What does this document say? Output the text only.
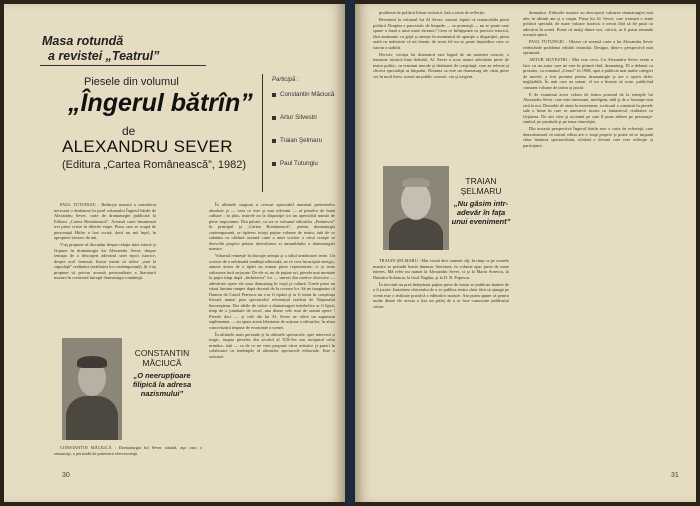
Masa rotundă
a revistei „Teatrul”
Piesele din volumul
„Îngerul bătrîn”
de
ALEXANDRU SEVER
(Editura „Cartea Românească”, 1982)
Participă :
Constantin Măciucă
Artur Silvestri
Traian Şelmaru
Paul Tutungiu

PAUL TUTUNGIU : Redacţia noastră a considerat necesară o dezbatere în jurul volumului Îngerul bătrîn de Alexandru Sever, carte de dramaturgie publicată la Editura „Cartea Românească”. Această carte însumează trei piese scrise în diferite etape. Piesa care se ocupă de personajul Hitler a fost scrisă, dacă nu mă înşel, în apropiere treizeci de ani.

V-aş propune să discutăm despre relaţia între istorie şi ficţiune în dramaturgia lui Alexandru Sever, despre tentaţia de a descoperi adevărul unei epoci istorice, despre acel fantastic literar menit să ridice „mai la suprafaţă” realitatea (realitatea lor contemporană). Şi v-aş propune să privim această personalitate a literaturii noastre în contextul întregii dramaturgii româneşti.

CONSTANTIN MĂCIUCĂ
„O neerupţioare filipică la adresa nazismului”

CONSTANTIN MĂCIUCĂ : Dramaturgia lui Sever situată, aşa cum o remarcaţi, o perioadă de puternică efervescenţă.

În ultimele stagiuni a crescut apreciabil numărul premierelor absolute şi — ceea ce este şi mai relevant — al pieselor de bună calitate ; în plus, teatrele au la dispoziţie tot un apreciabil număr de piese importante. Din păcate, cu tot ce volumul editurilor „Eminescu” în principal şi „Cartea Românească”, pentru dramaturgia contemporană, se tipăresc totuşi puţine volume de teatru, iată de ce salutăm cu căldură această carte a unui scriitor a cărui creaţie se dezvoltă propice pentru dezvoltarea ei ansamblului a dramaturgiei noastre.

Volumul reuneşte în discuţie atenţia şi a stilul următoarei texte. Un scriitor de o nebănuită tendinţă editorială, ne ce vrea încurajată energic, anume aceea de a tipări nu numai piese reprezentate, ci şi texte valoroase încă nejucate. De ele ei, nu de puţine ori, piesele mai montate la puţin timp după „încheierea” lor — uneori din motive obiective — adevărate opere ale unui dramaturg în viaţă şi cultură. Unele piese au văzut lumina rampei după decenii de la crearea lor. Să ne imaginăm că Danton de Camil Petrescu nu s-ar fi tipărit şi ar fi intrat în conştiinţa literară numai prin spectacolul referenţial realizat de Naţionalul bucureştean. Dar ideile de valori a dramaturgiei interbelice ar fi lipsit, timp de o jumătate de secol, una dintre cele mai de seamă opere ! Piesele deci — şi cele ale lui Al. Sever ne oferă un argument suplimentar — au ajuns acum libertatea de acţiune a editurilor, în afara concretizării impuse de economie a scenei.

În ultimele mari perioade şi în ultimele spectacole, spre interesul și tragic, asupra pieselor din secolul al XIX-lea sau inceputul celui următor, iată — ca de ce ne vom propune căror artistice şi puteri în colaborare cu tendinţele al ultimelor spectacole editoriale. Este o serioasă

30

problemă de politică literar-artistică. Iată o temă de reflecție.

Revenind la volumul lui Al Sever, constat faptul că remarcabila piesă politică Noaptea e paroxistic de limpede — se pronunţă — nu se poate oare spune o frază a unui mare dictator? Ceea ce înfăţişează cu precizie istorică, fără amănunte cu grijă și atenţie în momentul de apariţie a dispariţiei, piesa arată cu măiestrie că un fanatic de acest fel nu se poate împiedica ceea ce istoria a stabilit.

Decisiv, vocaţia lui dramatică este legată de un moment concret, o tensiune istorică bine definită, Al. Sever a scris atunci adevărate piese de teatru politic, cu tensiuni morale şi dezbateri de conştiinţă, care au relevat şi cîtorva specialişti ai timpului. Domnia sa este un dramaturg ale cărui piese cer în mod firesc scenei un public concret, viu şi exigent.

TRAIAN ŞELMARU
„Nu găsim intr-adevăr în faţa unui eveniment”

TRAIAN ŞELMARU : Mai există deci oameni cîţi, în timp ce pe scenele noastre se perindă foarte dinamic literatura, în volume apar piese de mare interes. Mă refer nu numai la Alexandru Sever, ci şi la Marin Sorescu, la Dumitru Solomon, la Iosif Naghiu, şi la D. R. Popescu.

În trecutul nu prea îndepărtat puţine piese de teatru se publicau înainte de a fi jucate. Instalarea obiceiului de a se publica teatru chiar fără să ajungă pe scenă este o realitate pozitivă a editurilor noastre. Am putea spune că pentru multe dintre ele acesta a fost un prilej de a se face cunoscute publicului cititor.

dramatice. Editurile noastre au descoperit valoarea dramaturgiei mai ales în ultimii ani şi o susţin. Piesa lui Al. Sever, care tratează o temă politică specială, de mare valoare istorică, a trecut fără să fie pusă cu adevărat în scenă. Poate că mulţi dintre noi, criticii, ar fi putut semnala această operă.

PAUL TUTUNGIU : Observ că această carte a lui Alexandru Sever redeschide problema editării teatrului. Desigur, dintr-o perspectivă mai optimistă.

ARTUR SILVESTRI : Mai este ceva. Cu Alexandru Sever avem a face cu un autor care ne este în primul rînd, dramaturg. El a debutat ca prozator, cu romanul „Ceruri” în 1968, apoi a publicat mai multe culegeri de nuvele, a fost premiat pentru dramaturgie şi are o operă deloc neglijabilă. În anii care au urmat, el nu a încetat să scrie, publicînd constant volume de teatru şi proză.

E de examinat acest volum de teatru pornind de la esenţele lui Alexandru Sever, care este interesant, inteligent, abil şi de o formaţie mai rară la noi. Deosebit de atent la eveniment, scriitorul a construit în piesele sale o lume în care se amestecă istoria cu fantasticul, realitatea cu ficţiunea. De aici vine şi accentul pe care îl pune adesea pe personaje-simbol, pe parabolă şi pe tema vinovăţiei.

Din această perspectivă Îngerul bătrîn este o carte de referinţă, care demonstrează că teatrul editat are o viaţă proprie şi poate să se impună chiar înaintea spectacolului, oferind o lectură care cere reflecţie şi participare.

31
